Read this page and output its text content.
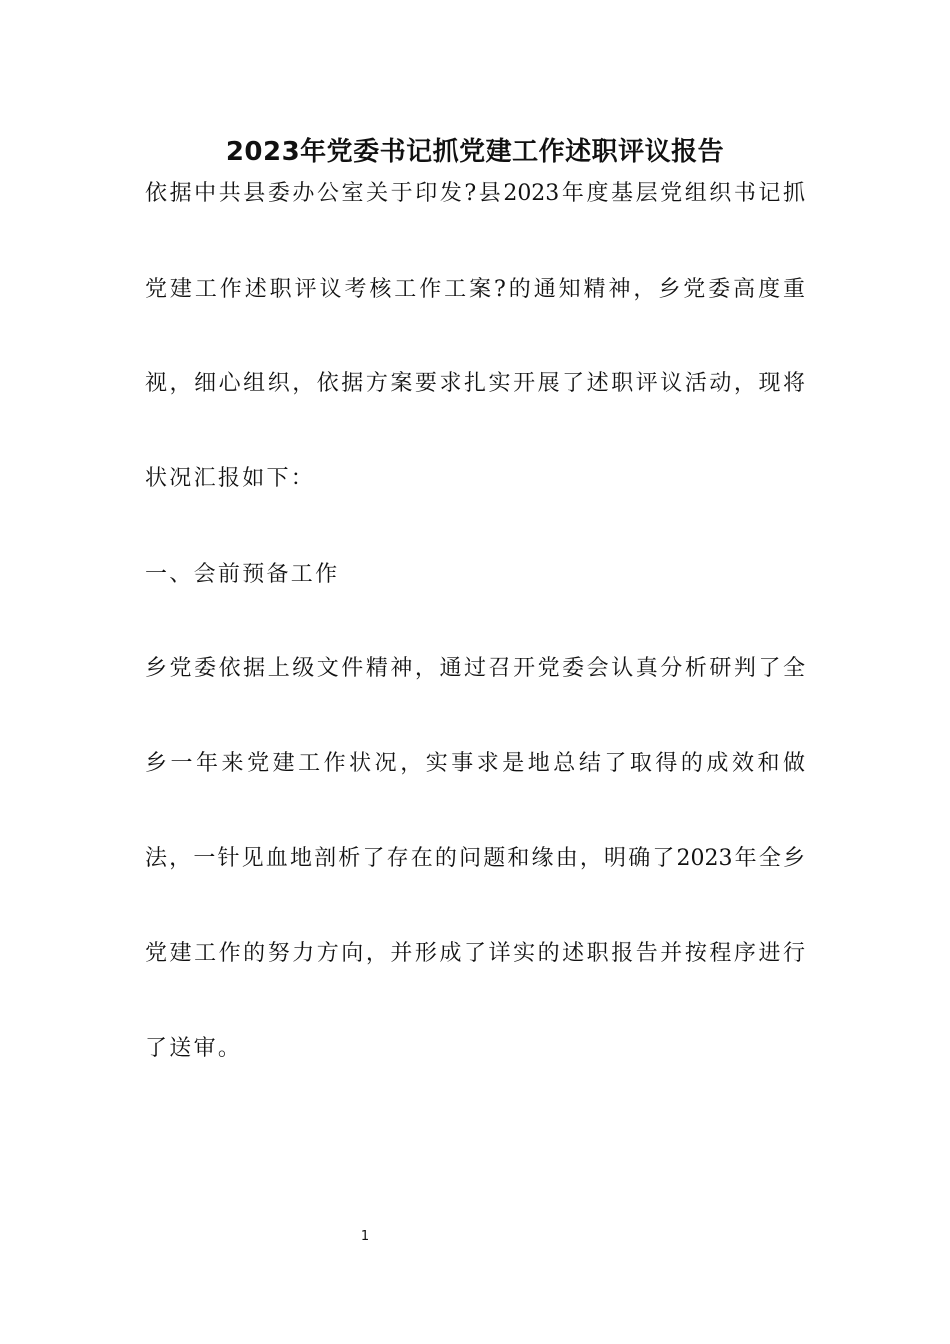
2023年党委书记抓党建工作述职评议报告

依据中共县委办公室关于印发?县2023年度基层党组织书记抓

党建工作述职评议考核工作工案?的通知精神，乡党委高度重

视，细心组织，依据方案要求扎实开展了述职评议活动，现将

状况汇报如下：

一、会前预备工作

乡党委依据上级文件精神，通过召开党委会认真分析研判了全

乡一年来党建工作状况，实事求是地总结了取得的成效和做

法，一针见血地剖析了存在的问题和缘由，明确了2023年全乡

党建工作的努力方向，并形成了详实的述职报告并按程序进行

了送审。

1
